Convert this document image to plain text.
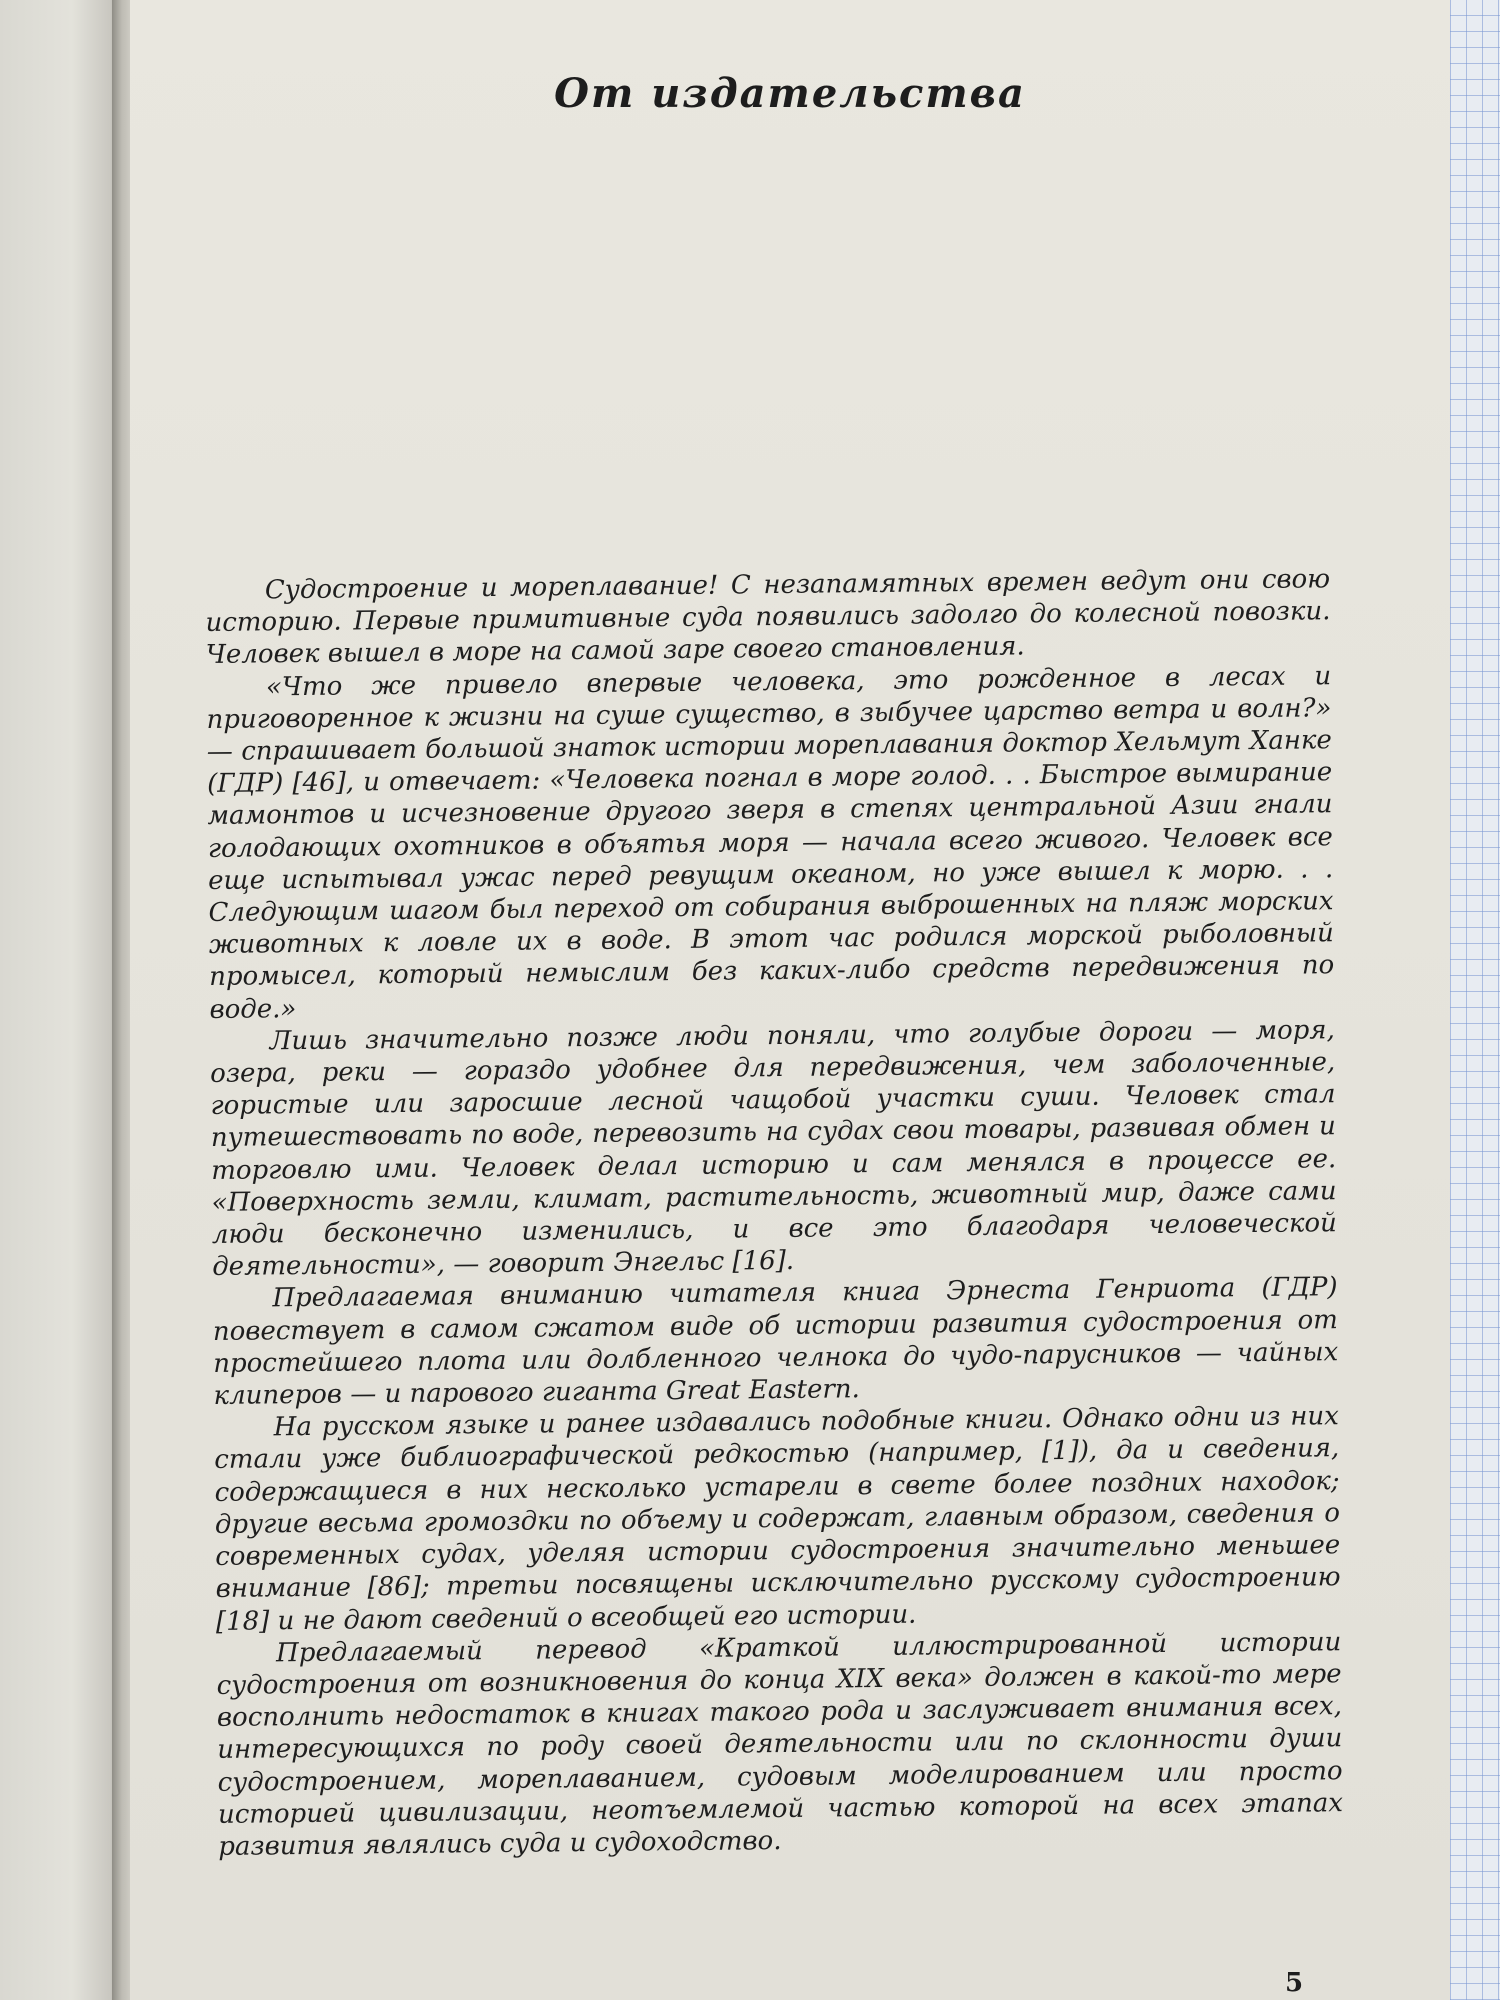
От издательства

Судостроение и мореплавание! С незапамятных времен ведут они свою историю. Первые примитивные суда появились задолго до колесной повозки. Человек вышел в море на самой заре своего становления.

«Что же привело впервые человека, это рожденное в лесах и приговоренное к жизни на суше существо, в зыбучее царство ветра и волн?» — спрашивает большой знаток истории мореплавания доктор Хельмут Ханке (ГДР) [46], и отвечает: «Человека погнал в море голод. . . Быстрое вымирание мамонтов и исчезновение другого зверя в степях центральной Азии гнали голодающих охотников в объятья моря — начала всего живого. Человек все еще испытывал ужас перед ревущим океаном, но уже вышел к морю. . . Следующим шагом был переход от собирания выброшенных на пляж морских животных к ловле их в воде. В этот час родился морской рыболовный промысел, который немыслим без каких-либо средств передвижения по воде.»

Лишь значительно позже люди поняли, что голубые дороги — моря, озера, реки — гораздо удобнее для передвижения, чем заболоченные, гористые или заросшие лесной чащобой участки суши. Человек стал путешествовать по воде, перевозить на судах свои товары, развивая обмен и торговлю ими. Человек делал историю и сам менялся в процессе ее. «Поверхность земли, климат, растительность, животный мир, даже сами люди бесконечно изменились, и все это благодаря человеческой деятельности», — говорит Энгельс [16].

Предлагаемая вниманию читателя книга Эрнеста Генриота (ГДР) повествует в самом сжатом виде об истории развития судостроения от простейшего плота или долбленного челнока до чудо-парусников — чайных клиперов — и парового гиганта Great Eastern.

На русском языке и ранее издавались подобные книги. Однако одни из них стали уже библиографической редкостью (например, [1]), да и сведения, содержащиеся в них несколько устарели в свете более поздних находок; другие весьма громоздки по объему и содержат, главным образом, сведения о современных судах, уделяя истории судостроения значительно меньшее внимание [86]; третьи посвящены исключительно русскому судостроению [18] и не дают сведений о всеобщей его истории.

Предлагаемый перевод «Краткой иллюстрированной истории судостроения от возникновения до конца XIX века» должен в какой-то мере восполнить недостаток в книгах такого рода и заслуживает внимания всех, интересующихся по роду своей деятельности или по склонности души судостроением, мореплаванием, судовым моделированием или просто историей цивилизации, неотъемлемой частью которой на всех этапах развития являлись суда и судоходство.

5
